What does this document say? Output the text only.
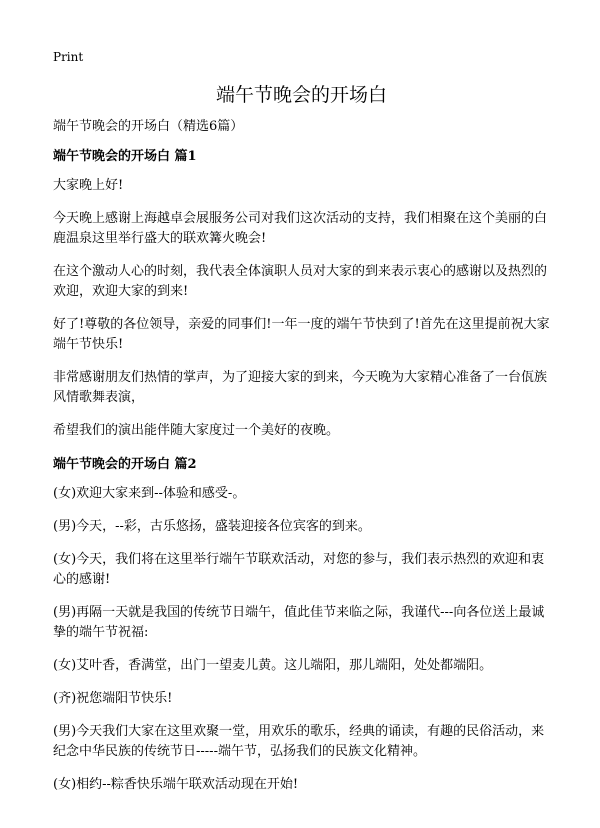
Print
端午节晚会的开场白
端午节晚会的开场白（精选6篇）
端午节晚会的开场白 篇1

大家晚上好!

今天晚上感谢上海越卓会展服务公司对我们这次活动的支持，我们相聚在这个美丽的白鹿温泉这里举行盛大的联欢篝火晚会!

在这个激动人心的时刻，我代表全体演职人员对大家的到来表示衷心的感谢以及热烈的欢迎，欢迎大家的到来!

好了!尊敬的各位领导，亲爱的同事们!一年一度的端午节快到了!首先在这里提前祝大家端午节快乐!

非常感谢朋友们热情的掌声，为了迎接大家的到来，今天晚为大家精心准备了一台佤族风情歌舞表演，

希望我们的演出能伴随大家度过一个美好的夜晚。

端午节晚会的开场白 篇2

(女)欢迎大家来到--体验和感受-。

(男)今天，--彩，古乐悠扬，盛装迎接各位宾客的到来。

(女)今天，我们将在这里举行端午节联欢活动，对您的参与，我们表示热烈的欢迎和衷心的感谢!

(男)再隔一天就是我国的传统节日端午，值此佳节来临之际，我谨代---向各位送上最诚挚的端午节祝福:

(女)艾叶香，香满堂，出门一望麦儿黄。这儿端阳，那儿端阳，处处都端阳。

(齐)祝您端阳节快乐!

(男)今天我们大家在这里欢聚一堂，用欢乐的歌乐，经典的诵读，有趣的民俗活动，来纪念中华民族的传统节日-----端午节，弘扬我们的民族文化精神。

(女)相约--粽香快乐端午联欢活动现在开始!
